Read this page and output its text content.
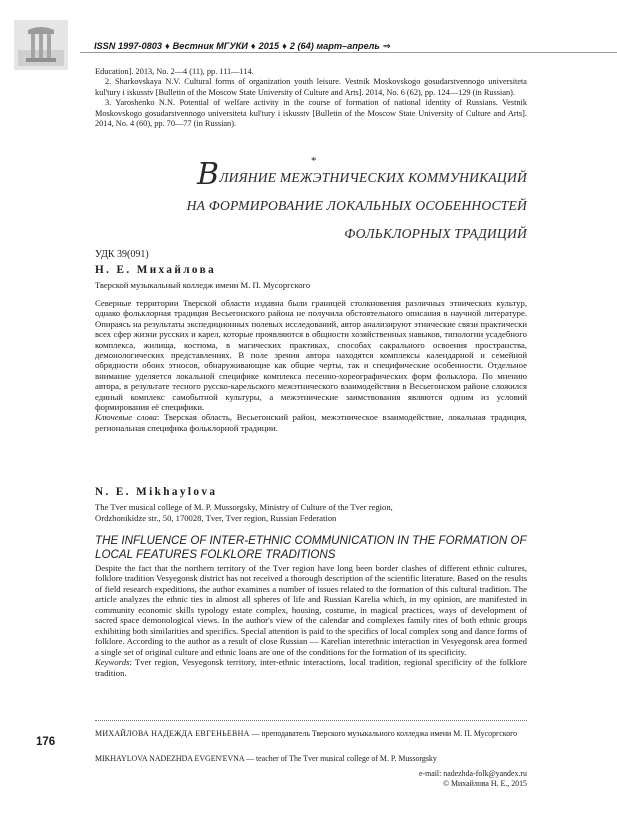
ISSN 1997-0803 ♦ Вестник МГУКИ ♦ 2015 ♦ 2 (64) март–апрель ⇒

Education]. 2013, No. 2—4 (11), pp. 111—114.

2. Sharkovskaya N.V. Cultural forms of organization youth leisure. Vestnik Moskovskogo gosudarstvennogo universiteta kul'tury i iskusstv [Bulletin of the Moscow State University of Culture and Arts]. 2014, No. 6 (62), pp. 124—129 (in Russian).

3. Yaroshenko N.N. Potential of welfare activity in the course of formation of national identity of Russians. Vestnik Moskovskogo gosudarstvennogo universiteta kul'tury i iskusstv [Bulletin of the Moscow State University of Culture and Arts]. 2014, No. 4 (60), pp. 70—77 (in Russian).

*
ВЛИЯНИЕ МЕЖЭТНИЧЕСКИХ КОММУНИКАЦИЙ
НА ФОРМИРОВАНИЕ ЛОКАЛЬНЫХ ОСОБЕННОСТЕЙ
ФОЛЬКЛОРНЫХ ТРАДИЦИЙ
УДК 39(091)
Н. Е. Михайлова
Тверской музыкальный колледж имени М. П. Мусоргского

Северные территории Тверской области издавна были границей столкновения различных этнических культур, однако фольклорная традиция Весьегонского района не получила обстоятельного описания в научной литературе. Опираясь на результаты экспедиционных полевых исследований, автор анализируют этнические связи практически всех сфер жизни русских и карел, которые проявляются в общности хозяйственных навыков, типологии усадебного комплекса, жилища, костюма, в магических практиках, способах сакрального освоения пространства, демонологических представлениях. В поле зрения автора находятся комплексы календарной и семейной обрядности обоих этносов, обнаруживающие как общие черты, так и специфические особенности. Отдельное внимание уделяется локальной специфике комплекса песенно-хореографических форм фольклора. По мнению автора, в результате тесного русско-карельского межэтнического взаимодействия в Весьегонском районе сложился единый комплекс самобытной культуры, а межэтнические заимствования являются одним из условий формирования её специфики.

Ключевые слова: Тверская область, Весьегонский район, межэтническое взаимодействие, локальная традиция, региональная специфика фольклорной традиции.

N. E. Mikhaylova
The Tver musical college of M. P. Mussorgsky, Ministry of Culture of the Tver region,
Ordzhonikidze str., 50, 170028, Tver, Tver region, Russian Federation
THE INFLUENCE OF INTER-ETHNIC COMMUNICATION IN THE FORMATION OF LOCAL FEATURES FOLKLORE TRADITIONS

Despite the fact that the northern territory of the Tver region have long been border clashes of different ethnic cultures, folklore tradition Vesyegonsk district has not received a thorough description of the scientific literature. Based on the results of field research expeditions, the author examines a number of issues related to the formation of this cultural tradition. The article analyzes the ethnic ties in almost all spheres of life and Russian Karelia which, in my opinion, are manifested in community economic skills typology estate complex, housing, costume, in magical practices, ways of development of sacred space demonological views. In the author's view of the calendar and complexes family rites of both ethnic groups exhibiting both similarities and specifics. Special attention is paid to the specifics of local complex song and dance forms of folklore. According to the author as a result of close Russian — Karelian interethnic interaction in Vesyegonsk area formed a single set of original culture and ethnic loans are one of the conditions for the formation of its specificity.

Keywords: Tver region, Vesyegonsk territory, inter-ethnic interactions, local tradition, regional specificity of the folklore tradition.

176
МИХАЙЛОВА НАДЕЖДА ЕВГЕНЬЕВНА — преподаватель Тверского музыкального колледжа имени М. П. Мусоргского
MIKHAYLOVA NADEZHDA EVGEN'EVNA — teacher of The Tver musical college of M. P. Mussorgsky
e-mail: nadezhda-folk@yandex.ru
© Михайлова Н. Е., 2015
